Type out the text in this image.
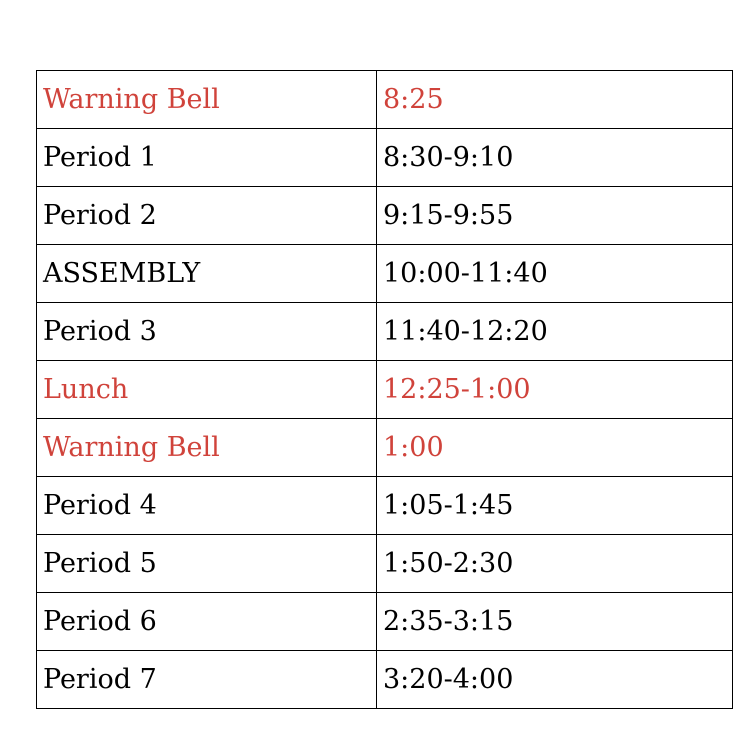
Warning Bell	8:25
Period 1	8:30-9:10
Period 2	9:15-9:55
ASSEMBLY	10:00-11:40
Period 3	11:40-12:20
Lunch	12:25-1:00
Warning Bell	1:00
Period 4	1:05-1:45
Period 5	1:50-2:30
Period 6	2:35-3:15
Period 7	3:20-4:00
